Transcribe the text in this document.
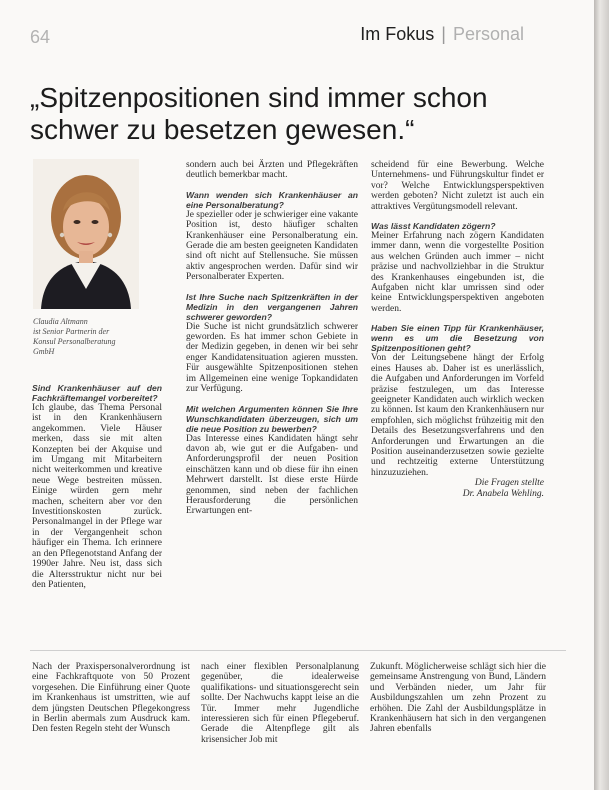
64	Im Fokus | Personal
„Spitzenpositionen sind immer schon schwer zu besetzen gewesen.“
Claudia Altmann
ist Senior Partnerin der
Konsul Personalberatung
GmbH

Sind Krankenhäuser auf den Fachkräftemangel vorbereitet?

Ich glaube, das Thema Personal ist in den Krankenhäusern angekommen. Viele Häuser merken, dass sie mit alten Konzepten bei der Akquise und im Umgang mit Mitarbeitern nicht weiterkommen und kreative neue Wege bestreiten müssen. Einige würden gern mehr machen, scheitern aber vor den Investitionskosten zurück. Personalmangel in der Pflege war in der Vergangenheit schon häufiger ein Thema. Ich erinnere an den Pflegenotstand Anfang der 1990er Jahre. Neu ist, dass sich die Altersstruktur nicht nur bei den Patienten,

sondern auch bei Ärzten und Pflegekräften deutlich bemerkbar macht.

Wann wenden sich Krankenhäuser an eine Personalberatung?

Je spezieller oder je schwieriger eine vakante Position ist, desto häufiger schalten Krankenhäuser eine Personalberatung ein. Gerade die am besten geeigneten Kandidaten sind oft nicht auf Stellensuche. Sie müssen aktiv angesprochen werden. Dafür sind wir Personalberater Experten.

Ist Ihre Suche nach Spitzenkräften in der Medizin in den vergangenen Jahren schwerer geworden?

Die Suche ist nicht grundsätzlich schwerer geworden. Es hat immer schon Gebiete in der Medizin gegeben, in denen wir bei sehr enger Kandidatensituation agieren mussten. Für ausgewählte Spitzenpositionen stehen im Allgemeinen eine wenige Topkandidaten zur Verfügung.

Mit welchen Argumenten können Sie Ihre Wunschkandidaten überzeugen, sich um die neue Position zu bewerben?

Das Interesse eines Kandidaten hängt sehr davon ab, wie gut er die Aufgaben- und Anforderungsprofil der neuen Position einschätzen kann und ob diese für ihn einen Mehrwert darstellt. Ist diese erste Hürde genommen, sind neben der fachlichen Herausforderung die persönlichen Erwartungen ent-

scheidend für eine Bewerbung. Welche Unternehmens- und Führungskultur findet er vor? Welche Entwicklungsperspektiven werden geboten? Nicht zuletzt ist auch ein attraktives Vergütungsmodell relevant.

Was lässt Kandidaten zögern?

Meiner Erfahrung nach zögern Kandidaten immer dann, wenn die vorgestellte Position aus welchen Gründen auch immer – nicht präzise und nachvollziehbar in die Struktur des Krankenhauses eingebunden ist, die Aufgaben nicht klar umrissen sind oder keine Entwicklungsperspektiven angeboten werden.

Haben Sie einen Tipp für Krankenhäuser, wenn es um die Besetzung von Spitzenpositionen geht?

Von der Leitungsebene hängt der Erfolg eines Hauses ab. Daher ist es unerlässlich, die Aufgaben und Anforderungen im Vorfeld präzise festzulegen, um das Interesse geeigneter Kandidaten auch wirklich wecken zu können. Ist kaum den Krankenhäusern nur empfohlen, sich möglichst frühzeitig mit den Details des Besetzungsverfahrens und den Anforderungen und Erwartungen an die Position auseinanderzusetzen sowie gezielte und rechtzeitig externe Unterstützung hinzuzuziehen.

Die Fragen stellte
Dr. Anabela Wehling.

Nach der Praxispersonalverordnung ist eine Fachkraftquote von 50 Prozent vorgesehen. Die Einführung einer Quote im Krankenhaus ist umstritten, wie auf dem jüngsten Deutschen Pflegekongress in Berlin abermals zum Ausdruck kam. Den festen Regeln steht der Wunsch

nach einer flexiblen Personalplanung gegenüber, die idealerweise qualifikations- und situationsgerecht sein sollte. Der Nachwuchs kappt leise an die Tür. Immer mehr Jugendliche interessieren sich für einen Pflegeberuf. Gerade die Altenpflege gilt als krisensicher Job mit

Zukunft. Möglicherweise schlägt sich hier die gemeinsame Anstrengung von Bund, Ländern und Verbänden nieder, um Jahr für Ausbildungszahlen um zehn Prozent zu erhöhen. Die Zahl der Ausbildungsplätze in Krankenhäusern hat sich in den vergangenen Jahren ebenfalls
